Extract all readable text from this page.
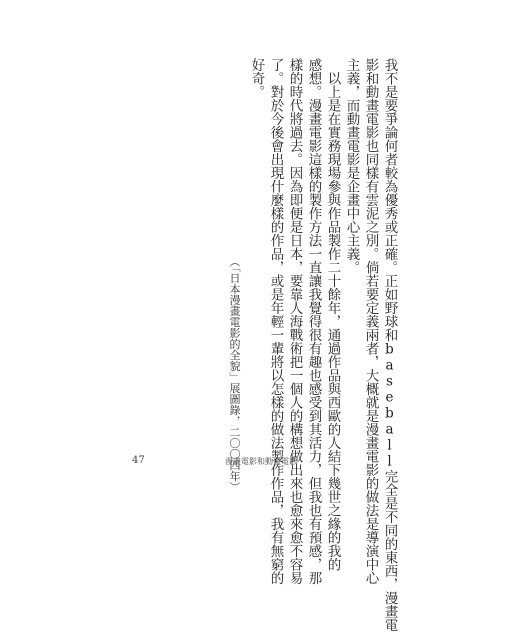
我不是要爭論何者較為優秀或正確。正如野球和baseball完全是不同的東西，漫畫電
影和動畫電影也同樣有雲泥之別。倘若要定義兩者，大概就是漫畫電影的做法是導演中心
主義，而動畫電影是企畫中心主義。
　以上是在實務現場參與作品製作二十餘年，通過作品與西歐的人結下幾世之緣的我的
感想。漫畫電影這樣的製作方法一直讓我覺得很有趣也感受到其活力，但我也有預感，那
樣的時代將過去。因為即便是日本，要靠人海戰術把一個人的構想做出來也愈來愈不容易
了。對於今後會出現什麼樣的作品，或是年輕一輩將以怎樣的做法製作作品，我有無窮的
好奇。
（「日本漫畫電影的全貌」展圖錄，二〇〇四年）
47	漫畫電影和動畫電影
